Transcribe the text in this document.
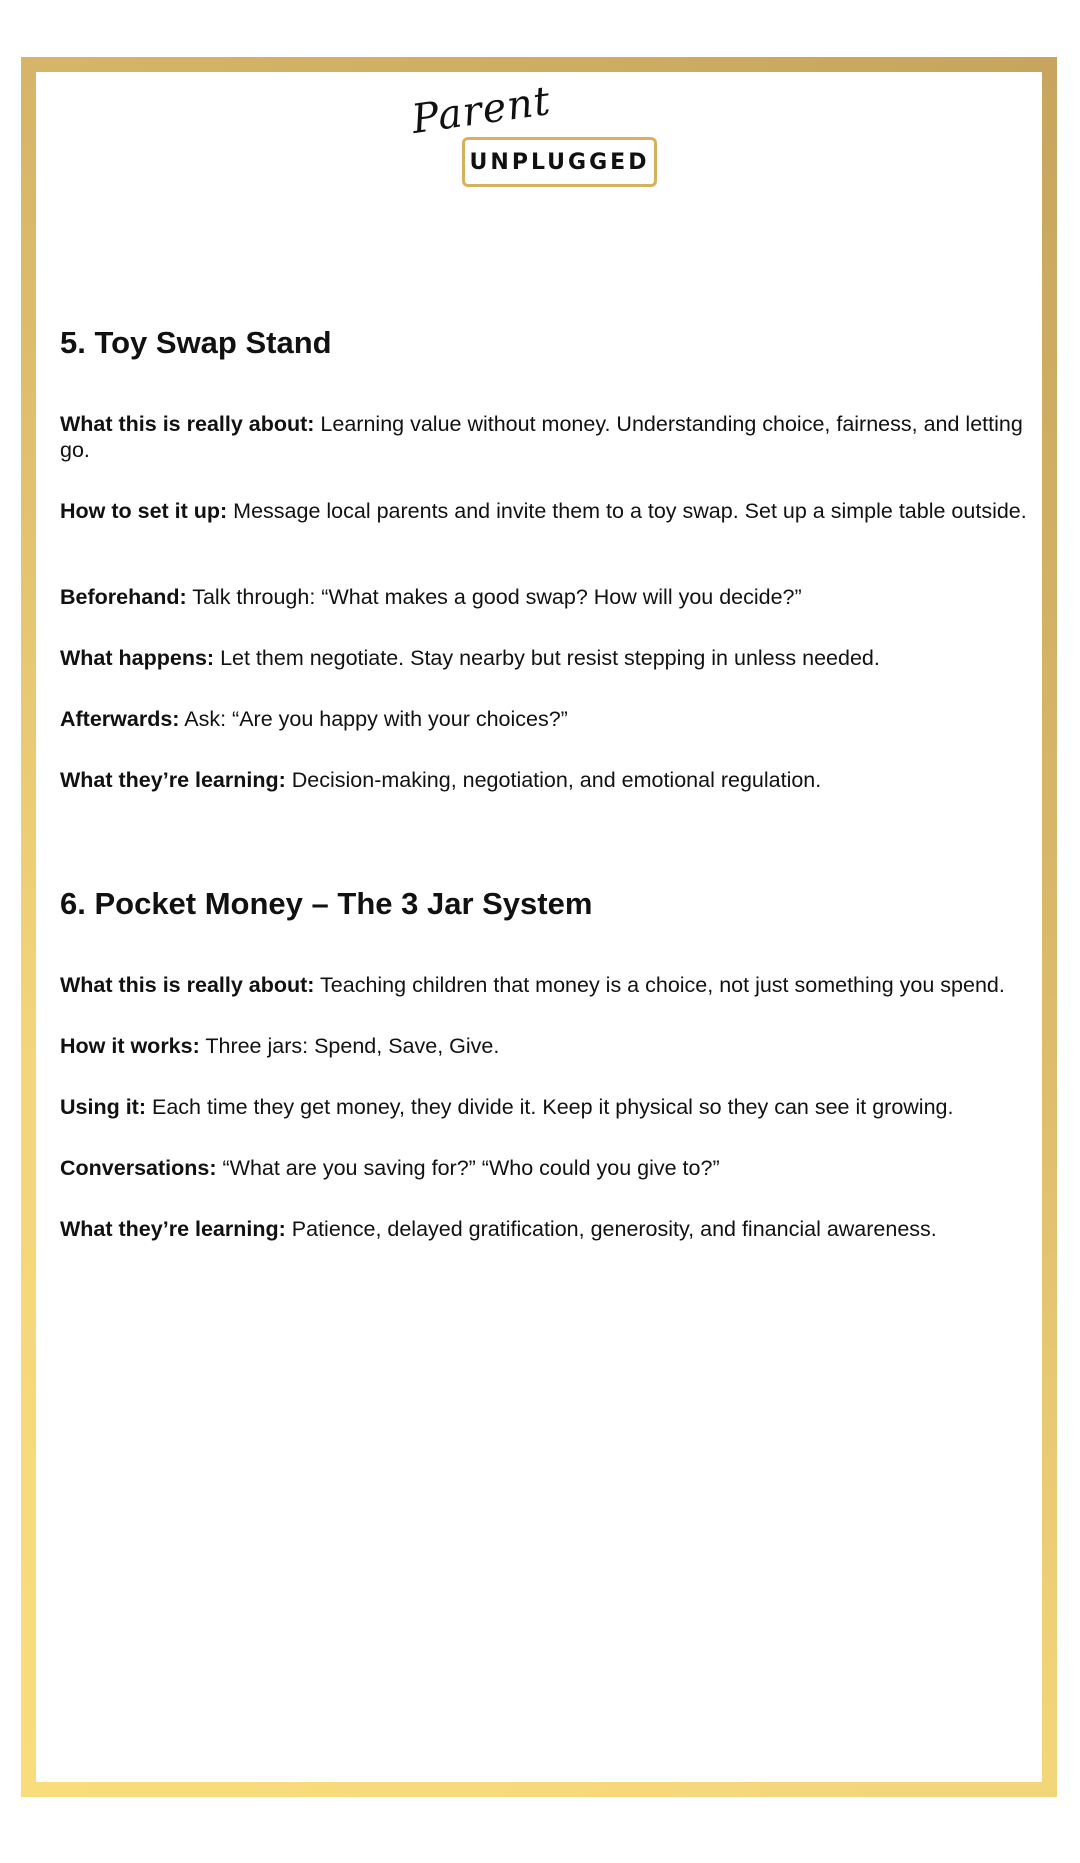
Parent
UNPLUGGED
5. Toy Swap Stand

What this is really about: Learning value without money. Understanding choice, fairness, and letting go.

How to set it up: Message local parents and invite them to a toy swap. Set up a simple table outside.

Beforehand: Talk through: “What makes a good swap? How will you decide?”

What happens: Let them negotiate. Stay nearby but resist stepping in unless needed.

Afterwards: Ask: “Are you happy with your choices?”

What they’re learning: Decision-making, negotiation, and emotional regulation.

6. Pocket Money – The 3 Jar System

What this is really about: Teaching children that money is a choice, not just something you spend.

How it works: Three jars: Spend, Save, Give.

Using it: Each time they get money, they divide it. Keep it physical so they can see it growing.

Conversations: “What are you saving for?” “Who could you give to?”

What they’re learning: Patience, delayed gratification, generosity, and financial awareness.
